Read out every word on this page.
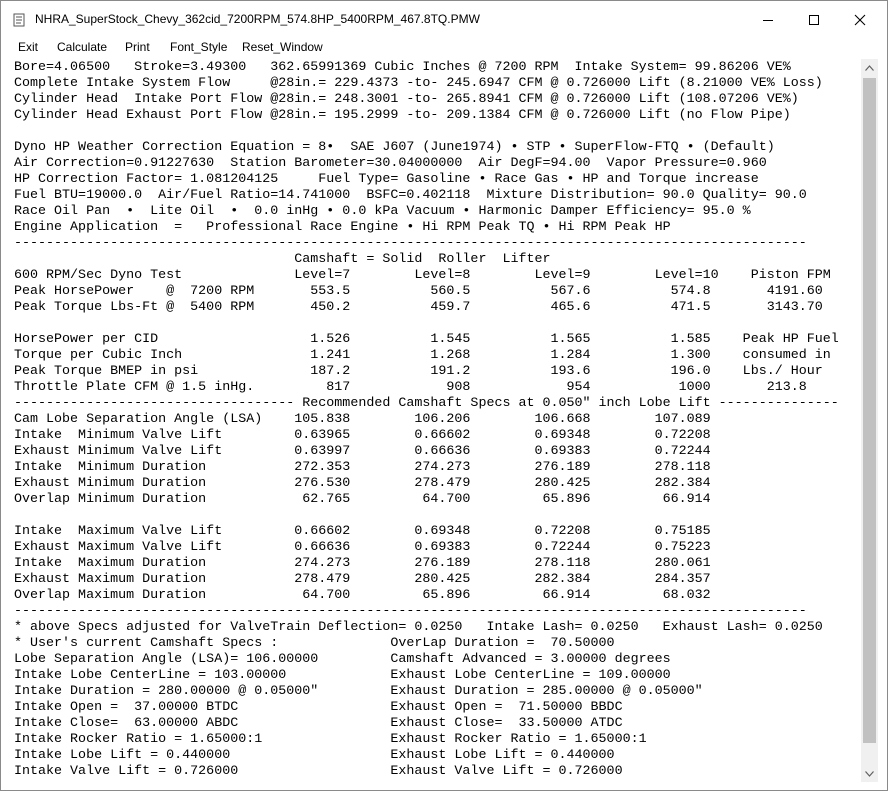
NHRA_SuperStock_Chevy_362cid_7200RPM_574.8HP_5400RPM_467.8TQ.PMW
Exit Calculate Print Font_Style Reset_Window
Bore=4.06500   Stroke=3.49300   362.65991369 Cubic Inches @ 7200 RPM  Intake System= 99.86206 VE%
Complete Intake System Flow     @28in.= 229.4373 -to- 245.6947 CFM @ 0.726000 Lift (8.21000 VE% Loss)
Cylinder Head  Intake Port Flow @28in.= 248.3001 -to- 265.8941 CFM @ 0.726000 Lift (108.07206 VE%)
Cylinder Head Exhaust Port Flow @28in.= 195.2999 -to- 209.1384 CFM @ 0.726000 Lift (no Flow Pipe)
Dyno HP Weather Correction Equation = 8•  SAE J607 (June1974) • STP • SuperFlow-FTQ • (Default)
Air Correction=0.91227630  Station Barometer=30.04000000  Air DegF=94.00  Vapor Pressure=0.960
HP Correction Factor= 1.081204125     Fuel Type= Gasoline • Race Gas • HP and Torque increase
Fuel BTU=19000.0  Air/Fuel Ratio=14.741000  BSFC=0.402118  Mixture Distribution= 90.0 Quality= 90.0
Race Oil Pan  •  Lite Oil  •  0.0 inHg • 0.0 kPa Vacuum • Harmonic Damper Efficiency= 95.0 %
Engine Application  =   Professional Race Engine • Hi RPM Peak TQ • Hi RPM Peak HP
---------------------------------------------------------------------------------------------------
Camshaft = Solid  Roller  Lifter
600 RPM/Sec Dyno Test              Level=7        Level=8        Level=9        Level=10    Piston FPM
Peak HorsePower    @  7200 RPM       553.5          560.5          567.6          574.8       4191.60
Peak Torque Lbs-Ft @  5400 RPM       450.2          459.7          465.6          471.5       3143.70
HorsePower per CID                   1.526          1.545          1.565          1.585    Peak HP Fuel
Torque per Cubic Inch                1.241          1.268          1.284          1.300    consumed in
Peak Torque BMEP in psi              187.2          191.2          193.6          196.0    Lbs./ Hour
Throttle Plate CFM @ 1.5 inHg.         817            908            954           1000       213.8
----------------------------------- Recommended Camshaft Specs at 0.050" inch Lobe Lift ---------------
Cam Lobe Separation Angle (LSA)    105.838        106.206        106.668        107.089
Intake  Minimum Valve Lift         0.63965        0.66602        0.69348        0.72208
Exhaust Minimum Valve Lift         0.63997        0.66636        0.69383        0.72244
Intake  Minimum Duration           272.353        274.273        276.189        278.118
Exhaust Minimum Duration           276.530        278.479        280.425        282.384
Overlap Minimum Duration            62.765         64.700         65.896         66.914
Intake  Maximum Valve Lift         0.66602        0.69348        0.72208        0.75185
Exhaust Maximum Valve Lift         0.66636        0.69383        0.72244        0.75223
Intake  Maximum Duration           274.273        276.189        278.118        280.061
Exhaust Maximum Duration           278.479        280.425        282.384        284.357
Overlap Maximum Duration            64.700         65.896         66.914         68.032
---------------------------------------------------------------------------------------------------
* above Specs adjusted for ValveTrain Deflection= 0.0250   Intake Lash= 0.0250   Exhaust Lash= 0.0250
* User's current Camshaft Specs :              OverLap Duration =  70.50000
Lobe Separation Angle (LSA)= 106.00000         Camshaft Advanced = 3.00000 degrees
Intake Lobe CenterLine = 103.00000             Exhaust Lobe CenterLine = 109.00000
Intake Duration = 280.00000 @ 0.05000"         Exhaust Duration = 285.00000 @ 0.05000"
Intake Open =  37.00000 BTDC                   Exhaust Open =  71.50000 BBDC
Intake Close=  63.00000 ABDC                   Exhaust Close=  33.50000 ATDC
Intake Rocker Ratio = 1.65000:1                Exhaust Rocker Ratio = 1.65000:1
Intake Lobe Lift = 0.440000                    Exhaust Lobe Lift = 0.440000
Intake Valve Lift = 0.726000                   Exhaust Valve Lift = 0.726000
